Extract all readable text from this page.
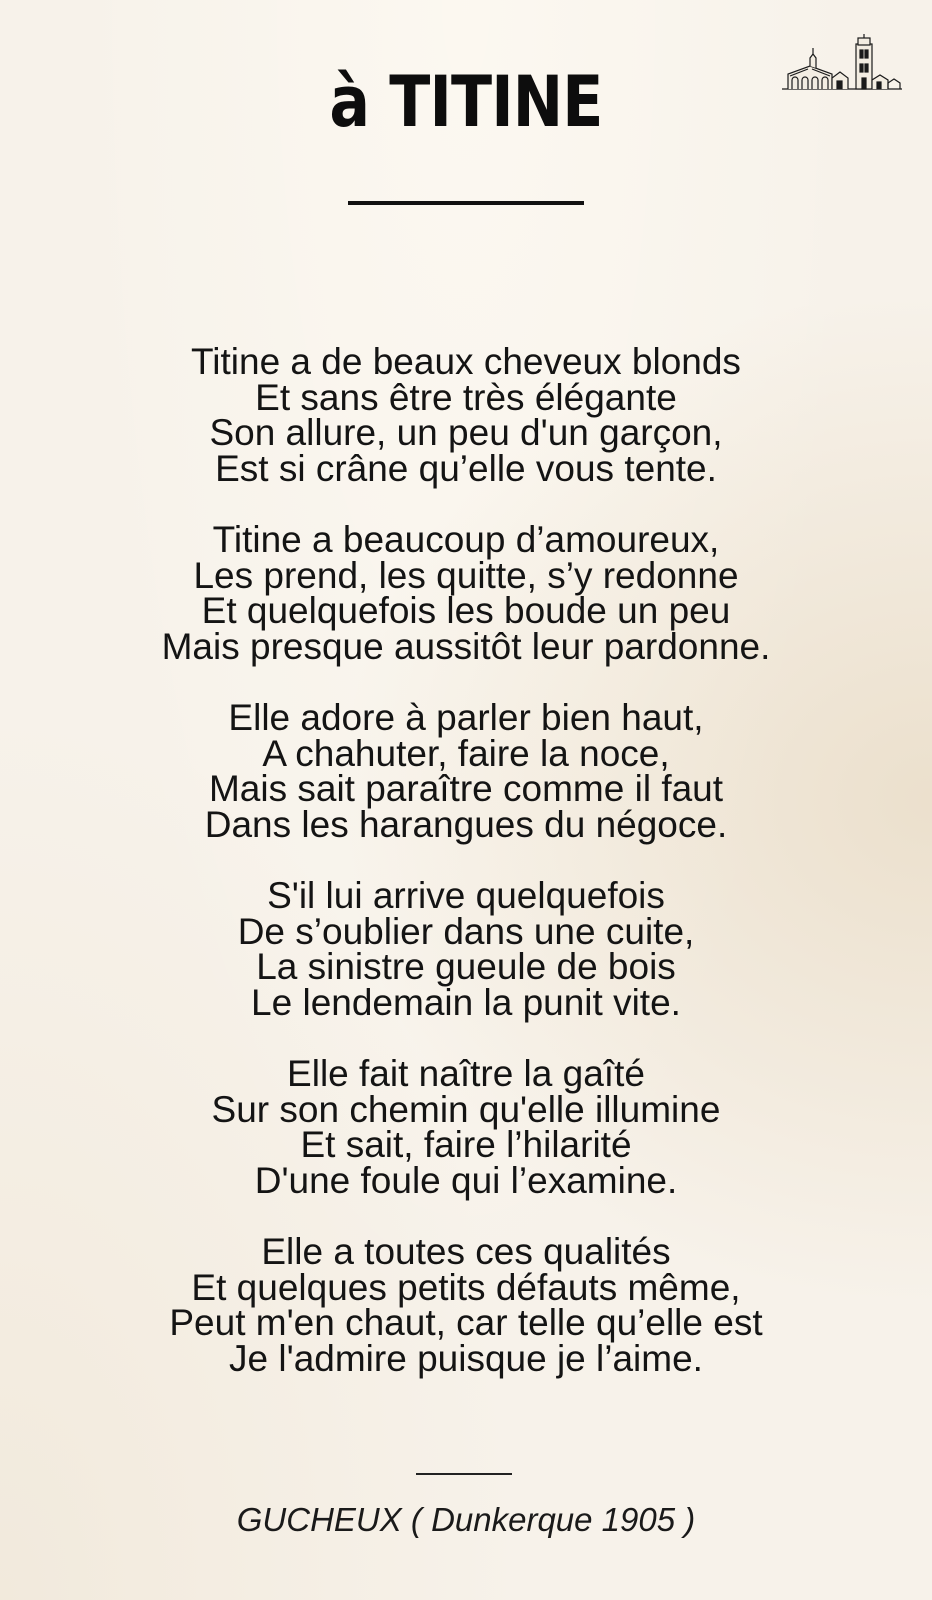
à TITINE
Titine a de beaux cheveux blonds
Et sans être très élégante
Son allure, un peu d'un garçon,
Est si crâne qu’elle vous tente.
Titine a beaucoup d’amoureux,
Les prend, les quitte, s’y redonne
Et quelquefois les boude un peu
Mais presque aussitôt leur pardonne.
Elle adore à parler bien haut,
A chahuter, faire la noce,
Mais sait paraître comme il faut
Dans les harangues du négoce.
S'il lui arrive quelquefois
De s’oublier dans une cuite,
La sinistre gueule de bois
Le lendemain la punit vite.
Elle fait naître la gaîté
Sur son chemin qu'elle illumine
Et sait, faire l’hilarité
D'une foule qui l’examine.
Elle a toutes ces qualités
Et quelques petits défauts même,
Peut m'en chaut, car telle qu’elle est
Je l'admire puisque je l’aime.
GUCHEUX ( Dunkerque 1905 )
